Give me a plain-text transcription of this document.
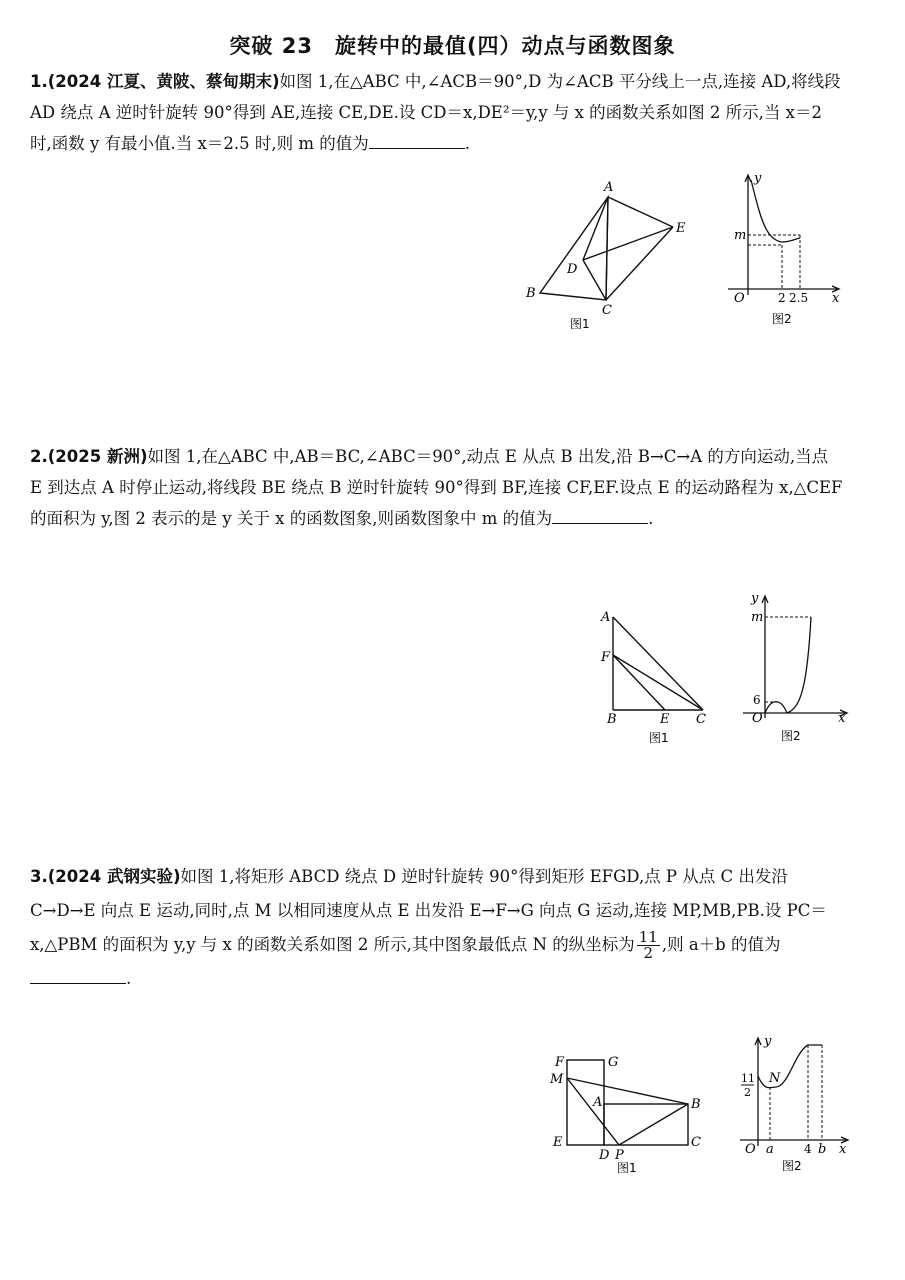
突破 23　旋转中的最值(四）动点与函数图象
1.(2024 江夏、黄陂、蔡甸期末)如图 1,在△ABC 中,∠ACB＝90°,D 为∠ACB 平分线上一点,连接 AD,将线段 AD 绕点 A 逆时针旋转 90°得到 AE,连接 CE,DE.设 CD＝x,DE²＝y,y 与 x 的函数关系如图 2 所示,当 x＝2 时,函数 y 有最小值.当 x＝2.5 时,则 m 的值为	.
A
B
C
D
E
图1
y
m
O	2 2.5 x
图2
2.(2025 新洲)如图 1,在△ABC 中,AB＝BC,∠ABC＝90°,动点 E 从点 B 出发,沿 B→C→A 的方向运动,当点 E 到达点 A 时停止运动,将线段 BE 绕点 B 逆时针旋转 90°得到 BF,连接 CF,EF.设点 E 的运动路程为 x,△CEF 的面积为 y,图 2 表示的是 y 关于 x 的函数图象,则函数图象中 m 的值为	.
A
F
B	E C
图1
y
m
6
O	x
图2
3.(2024 武钢实验)如图 1,将矩形 ABCD 绕点 D 逆时针旋转 90°得到矩形 EFGD,点 P 从点 C 出发沿 C→D→E 向点 E 运动,同时,点 M 以相同速度从点 E 出发沿 E→F→G 向点 G 运动,连接 MP,MB,PB.设 PC＝x,△PBM 的面积为 y,y 与 x 的函数关系如图 2 所示,其中图象最低点 N 的纵坐标为 $\frac{11}{2}$ ,则 a＋b 的值为.
F	G
M
A	B
E
D P
C
图1
y
11
2
N
O a	4 b x
图2
